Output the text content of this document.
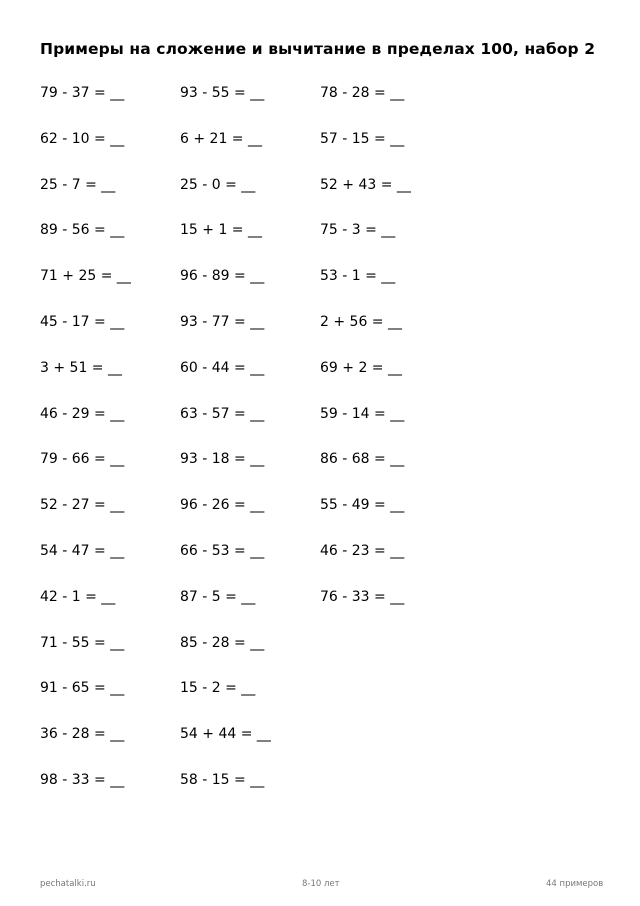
Примеры на сложение и вычитание в пределах 100, набор 2
79 - 37 = __
62 - 10 = __
25 - 7 = __
89 - 56 = __
71 + 25 = __
45 - 17 = __
3 + 51 = __
46 - 29 = __
79 - 66 = __
52 - 27 = __
54 - 47 = __
42 - 1 = __
71 - 55 = __
91 - 65 = __
36 - 28 = __
98 - 33 = __
93 - 55 = __
6 + 21 = __
25 - 0 = __
15 + 1 = __
96 - 89 = __
93 - 77 = __
60 - 44 = __
63 - 57 = __
93 - 18 = __
96 - 26 = __
66 - 53 = __
87 - 5 = __
85 - 28 = __
15 - 2 = __
54 + 44 = __
58 - 15 = __
78 - 28 = __
57 - 15 = __
52 + 43 = __
75 - 3 = __
53 - 1 = __
2 + 56 = __
69 + 2 = __
59 - 14 = __
86 - 68 = __
55 - 49 = __
46 - 23 = __
76 - 33 = __
pechatalki.ru	8-10 лет	44 примеров
